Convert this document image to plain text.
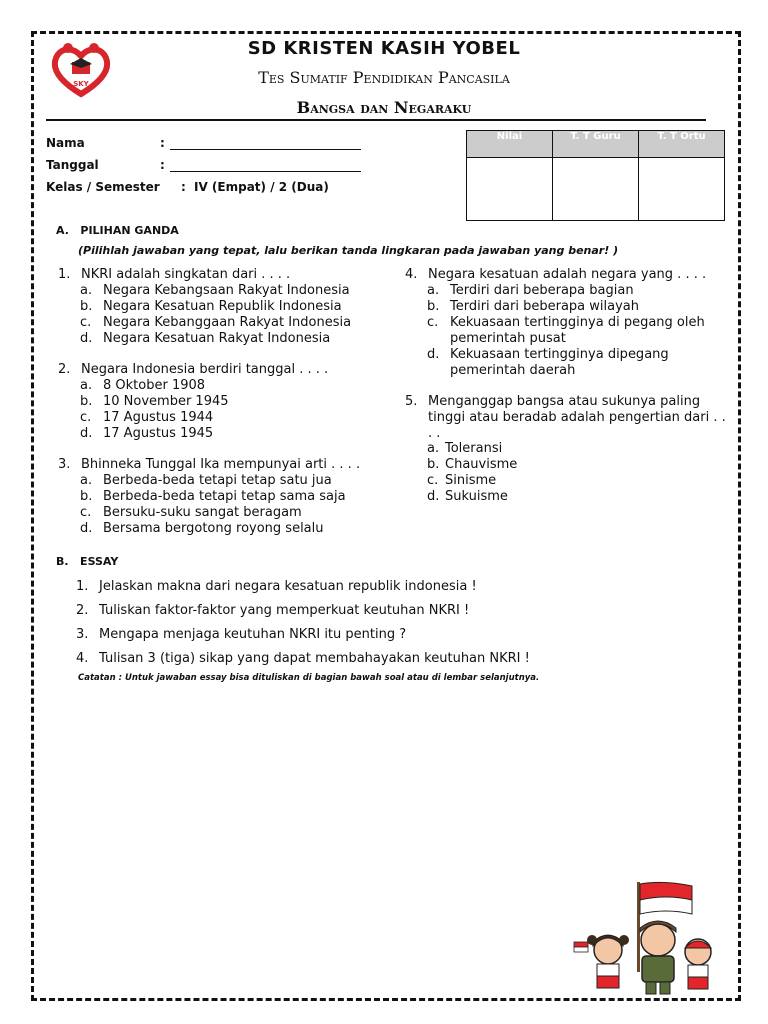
SKY
SD KRISTEN KASIH YOBEL
Tes Sumatif Pendidikan Pancasila
Bangsa dan Negaraku
Nama	:
Tanggal	:
Kelas / Semester : IV (Empat) / 2 (Dua)
Nilai	T. T Guru	T. T Ortu

A.   PILIHAN GANDA
(Pilihlah jawaban yang tepat, lalu berikan tanda lingkaran pada jawaban yang benar! )
1. NKRI adalah singkatan dari . . . .
a. Negara Kebangsaan Rakyat Indonesia
b. Negara Kesatuan Republik Indonesia
c. Negara Kebanggaan Rakyat Indonesia
d. Negara Kesatuan Rakyat Indonesia
2. Negara Indonesia berdiri tanggal . . . .
a. 8 Oktober 1908
b. 10 November 1945
c. 17 Agustus 1944
d. 17 Agustus 1945
3. Bhinneka Tunggal Ika mempunyai arti . . . .
a. Berbeda-beda tetapi tetap satu jua
b. Berbeda-beda tetapi tetap sama saja
c. Bersuku-suku sangat beragam
d. Bersama bergotong royong selalu
4. Negara kesatuan adalah negara yang . . . .
a. Terdiri dari beberapa bagian
b. Terdiri dari beberapa wilayah
c. Kekuasaan tertingginya di pegang oleh pemerintah pusat
d. Kekuasaan tertingginya dipegang pemerintah daerah
5. Menganggap bangsa atau sukunya paling tinggi atau beradab adalah pengertian dari . . . .
a. Toleransi
b. Chauvisme
c. Sinisme
d. Sukuisme
B.   ESSAY
1. Jelaskan makna dari negara kesatuan republik indonesia !
2. Tuliskan faktor-faktor yang memperkuat keutuhan NKRI !
3. Mengapa menjaga keutuhan NKRI itu penting ?
4. Tulisan 3 (tiga) sikap yang dapat membahayakan keutuhan NKRI !
Catatan : Untuk jawaban essay bisa dituliskan di bagian bawah soal atau di lembar selanjutnya.
